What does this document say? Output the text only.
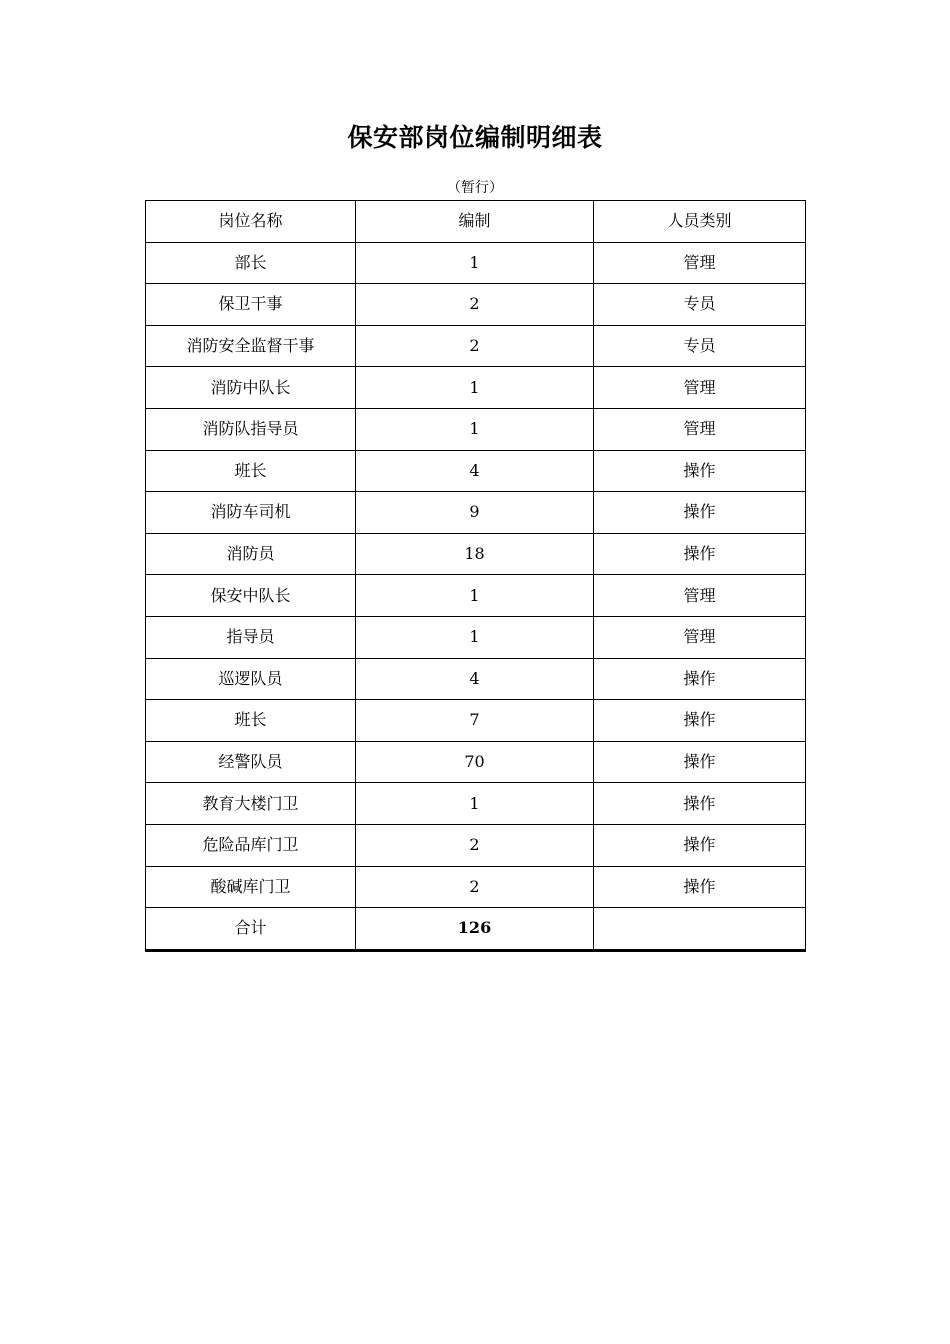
保安部岗位编制明细表
（暂行）
岗位名称	编制	人员类别
部长	1	管理
保卫干事	2	专员
消防安全监督干事	2	专员
消防中队长	1	管理
消防队指导员	1	管理
班长	4	操作
消防车司机	9	操作
消防员	18	操作
保安中队长	1	管理
指导员	1	管理
巡逻队员	4	操作
班长	7	操作
经警队员	70	操作
教育大楼门卫	1	操作
危险品库门卫	2	操作
酸碱库门卫	2	操作
合计	126	
